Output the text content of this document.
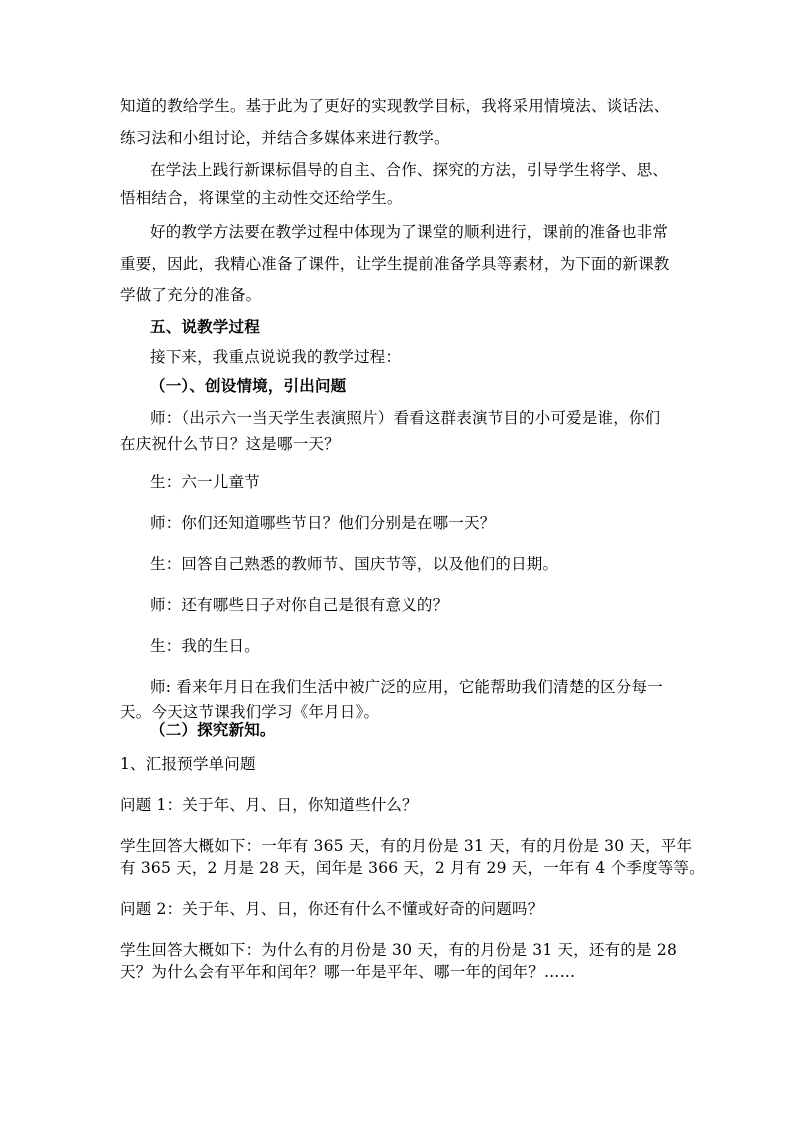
知道的教给学生。基于此为了更好的实现教学目标，我将采用情境法、谈话法、
练习法和小组讨论，并结合多媒体来进行教学。
在学法上践行新课标倡导的自主、合作、探究的方法，引导学生将学、思、
悟相结合，将课堂的主动性交还给学生。
好的教学方法要在教学过程中体现为了课堂的顺利进行，课前的准备也非常
重要，因此，我精心准备了课件，让学生提前准备学具等素材，为下面的新课教
学做了充分的准备。
五、说教学过程
接下来，我重点说说我的教学过程：
（一）、创设情境，引出问题
师：（出示六一当天学生表演照片）看看这群表演节目的小可爱是谁，你们
在庆祝什么节日？这是哪一天？
生：六一儿童节
师：你们还知道哪些节日？他们分别是在哪一天？
生：回答自己熟悉的教师节、国庆节等，以及他们的日期。
师：还有哪些日子对你自己是很有意义的？
生：我的生日。
师: 看来年月日在我们生活中被广泛的应用，它能帮助我们清楚的区分每一
天。今天这节课我们学习《年月日》。
（二）探究新知。
1、汇报预学单问题
问题 1：关于年、月、日，你知道些什么？
学生回答大概如下：一年有 365 天，有的月份是 31 天，有的月份是 30 天，平年
有 365 天，2 月是 28 天，闰年是 366 天，2 月有 29 天，一年有 4 个季度等等。
问题 2：关于年、月、日，你还有什么不懂或好奇的问题吗？
学生回答大概如下：为什么有的月份是 30 天，有的月份是 31 天，还有的是 28
天？为什么会有平年和闰年？哪一年是平年、哪一年的闰年？……
